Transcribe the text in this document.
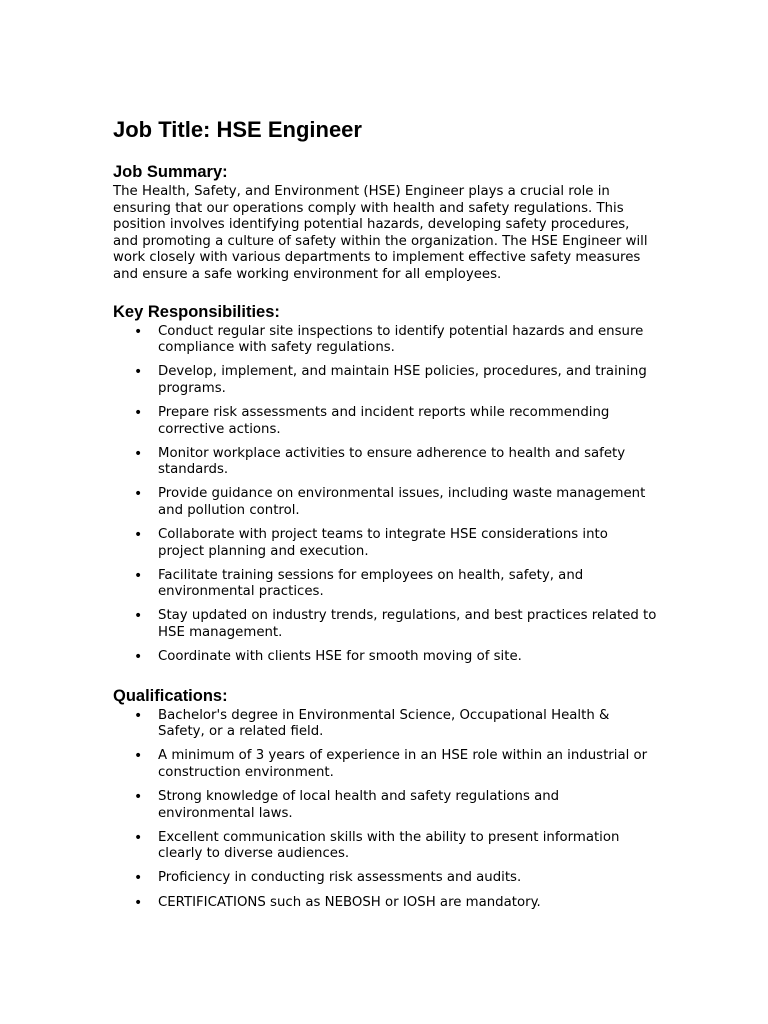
Job Title: HSE Engineer
Job Summary:

The Health, Safety, and Environment (HSE) Engineer plays a crucial role in ensuring that our operations comply with health and safety regulations. This position involves identifying potential hazards, developing safety procedures, and promoting a culture of safety within the organization. The HSE Engineer will work closely with various departments to implement effective safety measures and ensure a safe working environment for all employees.

Key Responsibilities:
• Conduct regular site inspections to identify potential hazards and ensure compliance with safety regulations.
• Develop, implement, and maintain HSE policies, procedures, and training programs.
• Prepare risk assessments and incident reports while recommending corrective actions.
• Monitor workplace activities to ensure adherence to health and safety standards.
• Provide guidance on environmental issues, including waste management and pollution control.
• Collaborate with project teams to integrate HSE considerations into project planning and execution.
• Facilitate training sessions for employees on health, safety, and environmental practices.
• Stay updated on industry trends, regulations, and best practices related to HSE management.
• Coordinate with clients HSE for smooth moving of site.
Qualifications:
• Bachelor's degree in Environmental Science, Occupational Health & Safety, or a related field.
• A minimum of 3 years of experience in an HSE role within an industrial or construction environment.
• Strong knowledge of local health and safety regulations and environmental laws.
• Excellent communication skills with the ability to present information clearly to diverse audiences.
• Proficiency in conducting risk assessments and audits.
• CERTIFICATIONS such as NEBOSH or IOSH are mandatory.
